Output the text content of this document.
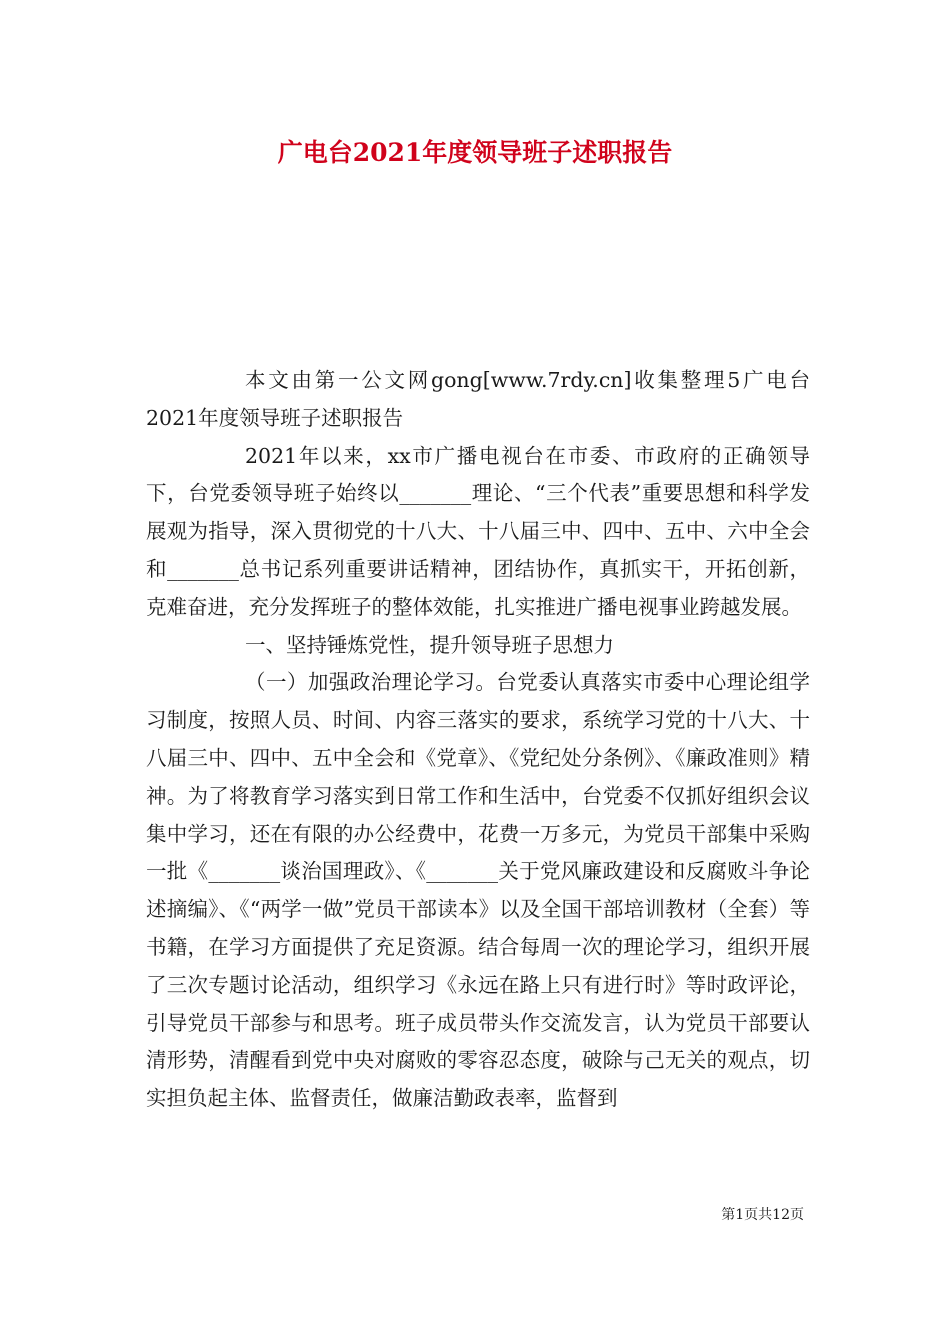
广电台2021年度领导班子述职报告

本文由第一公文网gong[www.7rdy.cn]收集整理5广电台2021年度领导班子述职报告

2021年以来，xx市广播电视台在市委、市政府的正确领导下，台党委领导班子始终以_______理论、“三个代表”重要思想和科学发展观为指导，深入贯彻党的十八大、十八届三中、四中、五中、六中全会和_______总书记系列重要讲话精神，团结协作，真抓实干，开拓创新，克难奋进，充分发挥班子的整体效能，扎实推进广播电视事业跨越发展。

一、坚持锤炼党性，提升领导班子思想力

（一）加强政治理论学习。台党委认真落实市委中心理论组学习制度，按照人员、时间、内容三落实的要求，系统学习党的十八大、十八届三中、四中、五中全会和《党章》、《党纪处分条例》、《廉政准则》精神。为了将教育学习落实到日常工作和生活中，台党委不仅抓好组织会议集中学习，还在有限的办公经费中，花费一万多元，为党员干部集中采购一批《_______谈治国理政》、《_______关于党风廉政建设和反腐败斗争论述摘编》、《“两学一做”党员干部读本》以及全国干部培训教材（全套）等书籍，在学习方面提供了充足资源。结合每周一次的理论学习，组织开展了三次专题讨论活动，组织学习《永远在路上只有进行时》等时政评论，引导党员干部参与和思考。班子成员带头作交流发言，认为党员干部要认清形势，清醒看到党中央对腐败的零容忍态度，破除与己无关的观点，切实担负起主体、监督责任，做廉洁勤政表率，监督到

第1页共12页
